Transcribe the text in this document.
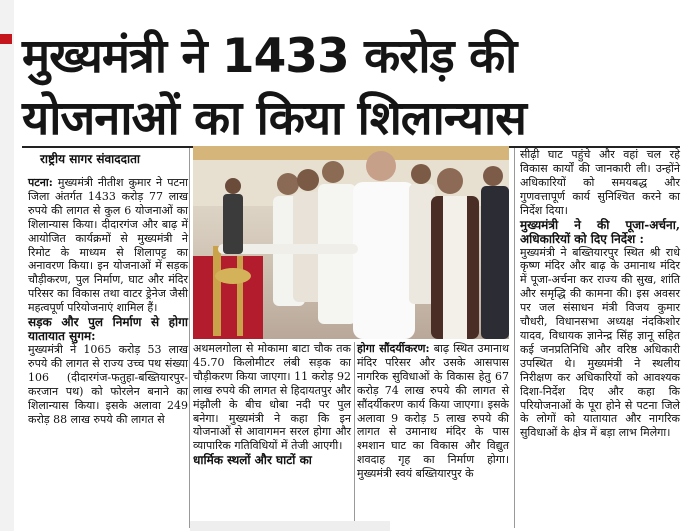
मुख्यमंत्री ने 1433 करोड़ की
योजनाओं का किया शिलान्यास
राष्ट्रीय सागर संवाददाता
पटना: मुख्यमंत्री नीतीश कुमार ने पटना जिला अंतर्गत 1433 करोड़ 77 लाख रुपये की लागत से कुल 6 योजनाओं का शिलान्यास किया। दीदारगंज और बाढ़ में आयोजित कार्यक्रमों से मुख्यमंत्री ने रिमोट के माध्यम से शिलापट्ट का अनावरण किया। इन योजनाओं में सड़क चौड़ीकरण, पुल निर्माण, घाट और मंदिर परिसर का विकास तथा वाटर ड्रेनेज जैसी महत्वपूर्ण परियोजनाएं शामिल हैं।
सड़क और पुल निर्माण से होगा यातायात सुगम:
मुख्यमंत्री ने 1065 करोड़ 53 लाख रुपये की लागत से राज्य उच्च पथ संख्या 106 (दीदारगंज-फतुहा-बख्तियारपुर-करजान पथ) को फोरलेन बनाने का शिलान्यास किया। इसके अलावा 249 करोड़ 88 लाख रुपये की लागत से
अथमलगोला से मोकामा बाटा चौक तक 45.70 किलोमीटर लंबी सड़क का चौड़ीकरण किया जाएगा। 11 करोड़ 92 लाख रुपये की लागत से हिदायतपुर और मंझौली के बीच धोबा नदी पर पुल बनेगा। मुख्यमंत्री ने कहा कि इन योजनाओं से आवागमन सरल होगा और व्यापारिक गतिविधियों में तेजी आएगी।
धार्मिक स्थलों और घाटों का
होगा सौंदर्यीकरण: बाढ़ स्थित उमानाथ मंदिर परिसर और उसके आसपास नागरिक सुविधाओं के विकास हेतु 67 करोड़ 74 लाख रुपये की लागत से सौंदर्यीकरण कार्य किया जाएगा। इसके अलावा 9 करोड़ 5 लाख रुपये की लागत से उमानाथ मंदिर के पास श्मशान घाट का विकास और विद्युत शवदाह गृह का निर्माण होगा। मुख्यमंत्री स्वयं बख्तियारपुर के
सीढ़ी घाट पहुंचे और वहां चल रहे विकास कार्यों की जानकारी ली। उन्होंने अधिकारियों को समयबद्ध और गुणवत्तापूर्ण कार्य सुनिश्चित करने का निर्देश दिया।
मुख्यमंत्री ने की पूजा-अर्चना, अधिकारियों को दिए निर्देश :
मुख्यमंत्री ने बख्तियारपुर स्थित श्री राधे कृष्ण मंदिर और बाढ़ के उमानाथ मंदिर में पूजा-अर्चना कर राज्य की सुख, शांति और समृद्धि की कामना की। इस अवसर पर जल संसाधन मंत्री विजय कुमार चौधरी, विधानसभा अध्यक्ष नंदकिशोर यादव, विधायक ज्ञानेन्द्र सिंह ज्ञानू सहित कई जनप्रतिनिधि और वरिष्ठ अधिकारी उपस्थित थे। मुख्यमंत्री ने स्थलीय निरीक्षण कर अधिकारियों को आवश्यक दिशा-निर्देश दिए और कहा कि परियोजनाओं के पूरा होने से पटना जिले के लोगों को यातायात और नागरिक सुविधाओं के क्षेत्र में बड़ा लाभ मिलेगा।
